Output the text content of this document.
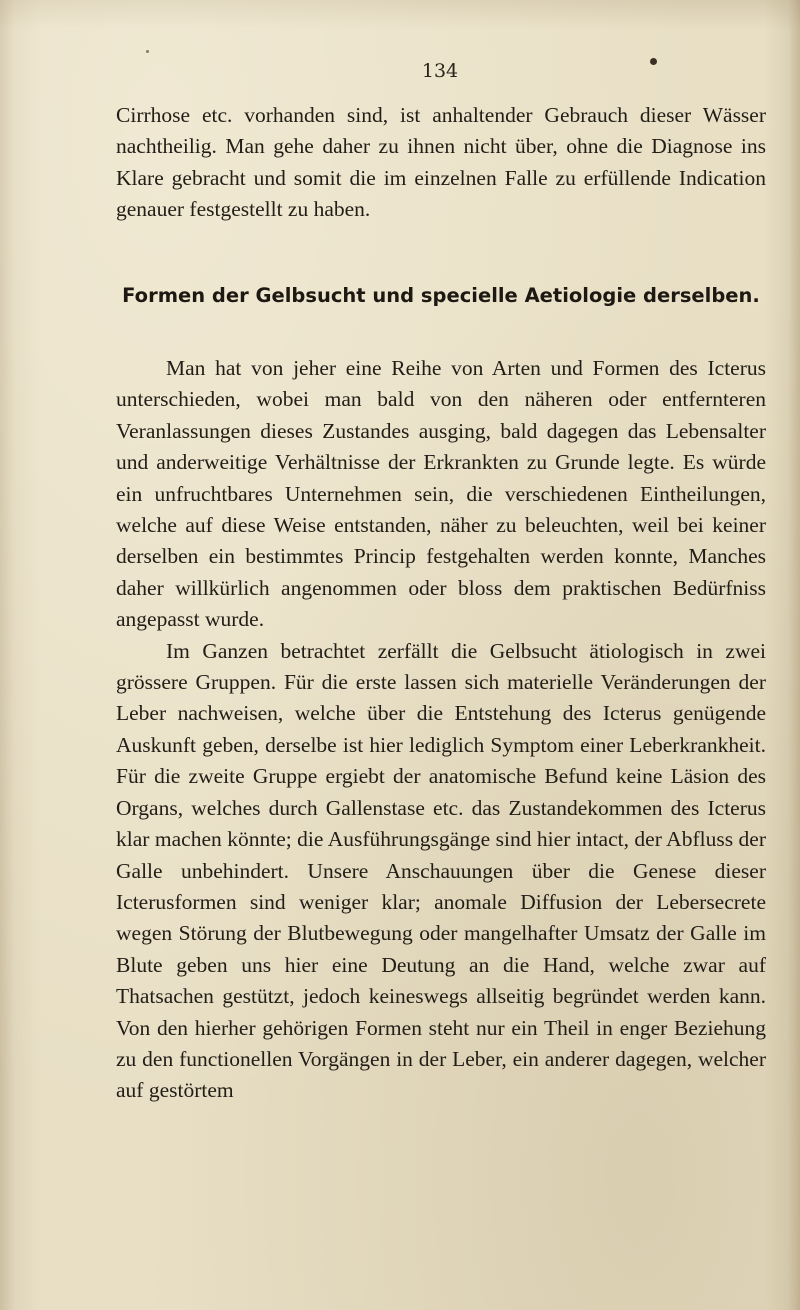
134

Cirrhose etc. vorhanden sind, ist anhaltender Gebrauch dieser Wässer nachtheilig. Man gehe daher zu ihnen nicht über, ohne die Diagnose ins Klare gebracht und somit die im einzelnen Falle zu erfüllende Indication genauer festgestellt zu haben.

Formen der Gelbsucht und specielle Aetiologie derselben.

Man hat von jeher eine Reihe von Arten und Formen des Icterus unterschieden, wobei man bald von den näheren oder entfernteren Veranlassungen dieses Zustandes ausging, bald dagegen das Lebensalter und anderweitige Verhältnisse der Erkrankten zu Grunde legte. Es würde ein unfruchtbares Unternehmen sein, die verschiedenen Eintheilungen, welche auf diese Weise entstanden, näher zu beleuchten, weil bei keiner derselben ein bestimmtes Princip festgehalten werden konnte, Manches daher willkürlich angenommen oder bloss dem praktischen Bedürfniss angepasst wurde.

Im Ganzen betrachtet zerfällt die Gelbsucht ätiologisch in zwei grössere Gruppen. Für die erste lassen sich materielle Veränderungen der Leber nachweisen, welche über die Entstehung des Icterus genügende Auskunft geben, derselbe ist hier lediglich Symptom einer Leberkrankheit. Für die zweite Gruppe ergiebt der anatomische Befund keine Läsion des Organs, welches durch Gallenstase etc. das Zustandekommen des Icterus klar machen könnte; die Ausführungsgänge sind hier intact, der Abfluss der Galle unbehindert. Unsere Anschauungen über die Genese dieser Icterusformen sind weniger klar; anomale Diffusion der Lebersecrete wegen Störung der Blutbewegung oder mangelhafter Umsatz der Galle im Blute geben uns hier eine Deutung an die Hand, welche zwar auf Thatsachen gestützt, jedoch keineswegs allseitig begründet werden kann. Von den hierher gehörigen Formen steht nur ein Theil in enger Beziehung zu den functionellen Vorgängen in der Leber, ein anderer dagegen, welcher auf gestörtem
